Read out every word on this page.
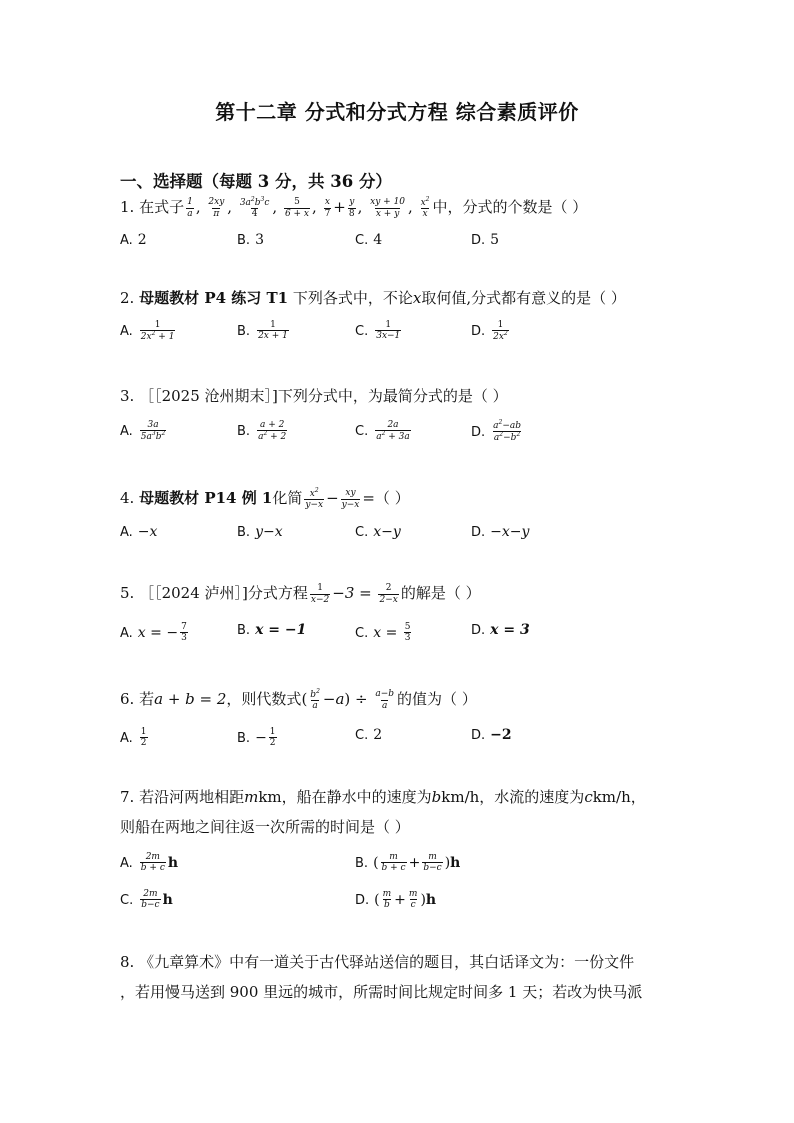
第十二章 分式和分式方程 综合素质评价
一、选择题（每题 3 分，共 36 分）
1. 在式子 $\frac{1}{a}$ , $\frac{2xy}{\pi}$ , $\frac{3a^2b^3c}{4}$ , $\frac{5}{6 + x}$ , $\frac{x}{7} + \frac{y}{8}$ , $\frac{xy + 10}{x + y}$ , $\frac{x^2}{x}$ 中，分式的个数是（ ）
A. 2	B. 3	C. 4	D. 5
2. 母题教材 P4 练习 T1 下列各式中，不论x取何值,分式都有意义的是（ ）
A. $\frac{1}{2x^2 + 1}$	B. $\frac{1}{2x + 1}$	C. $\frac{1}{3x-1}$	D. $\frac{1}{2x^2}$
3. ［［2025 沧州期末］]下列分式中，为最简分式的是（ ）
A. $\frac{3a}{5a^3b^2}$	B. $\frac{a + 2}{a^2 + 2}$	C. $\frac{2a}{a^2 + 3a}$	D. $\frac{a^2-ab}{a^2-b^2}$
4. 母题教材 P14 例 1化简 $\frac{x^2}{y-x} - \frac{xy}{y-x}$ =（ ）
A. −x	B. y−x	C. x−y	D. −x−y
5. ［［2024 泸州］]分式方程 $\frac{1}{x-2} -3 = \frac{2}{2-x}$ 的解是（ ）
A. x = − $\frac{7}{3}$	B. x = −1	C. $x = \frac{5}{3}$	D. x = 3
6. 若a + b = 2，则代数式( $\frac{b^2}{a} -a) \div \frac{a-b}{a}$ 的值为（ ）
A. $\frac{1}{2}$	B. − $\frac{1}{2}$	C. 2	D. −2
7. 若沿河两地相距mkm，船在静水中的速度为bkm/h，水流的速度为ckm/h，
则船在两地之间往返一次所需的时间是（ ）
A. $\frac{2m}{b + c}$ h	B. ( $\frac{m}{b + c} + \frac{m}{b-c} )h$
C. $\frac{2m}{b-c}$ h	D. ( $\frac{m}{b} + \frac{m}{c} )h$
8. 《九章算术》中有一道关于古代驿站送信的题目，其白话译文为：一份文件
，若用慢马送到 900 里远的城市，所需时间比规定时间多 1 天；若改为快马派
